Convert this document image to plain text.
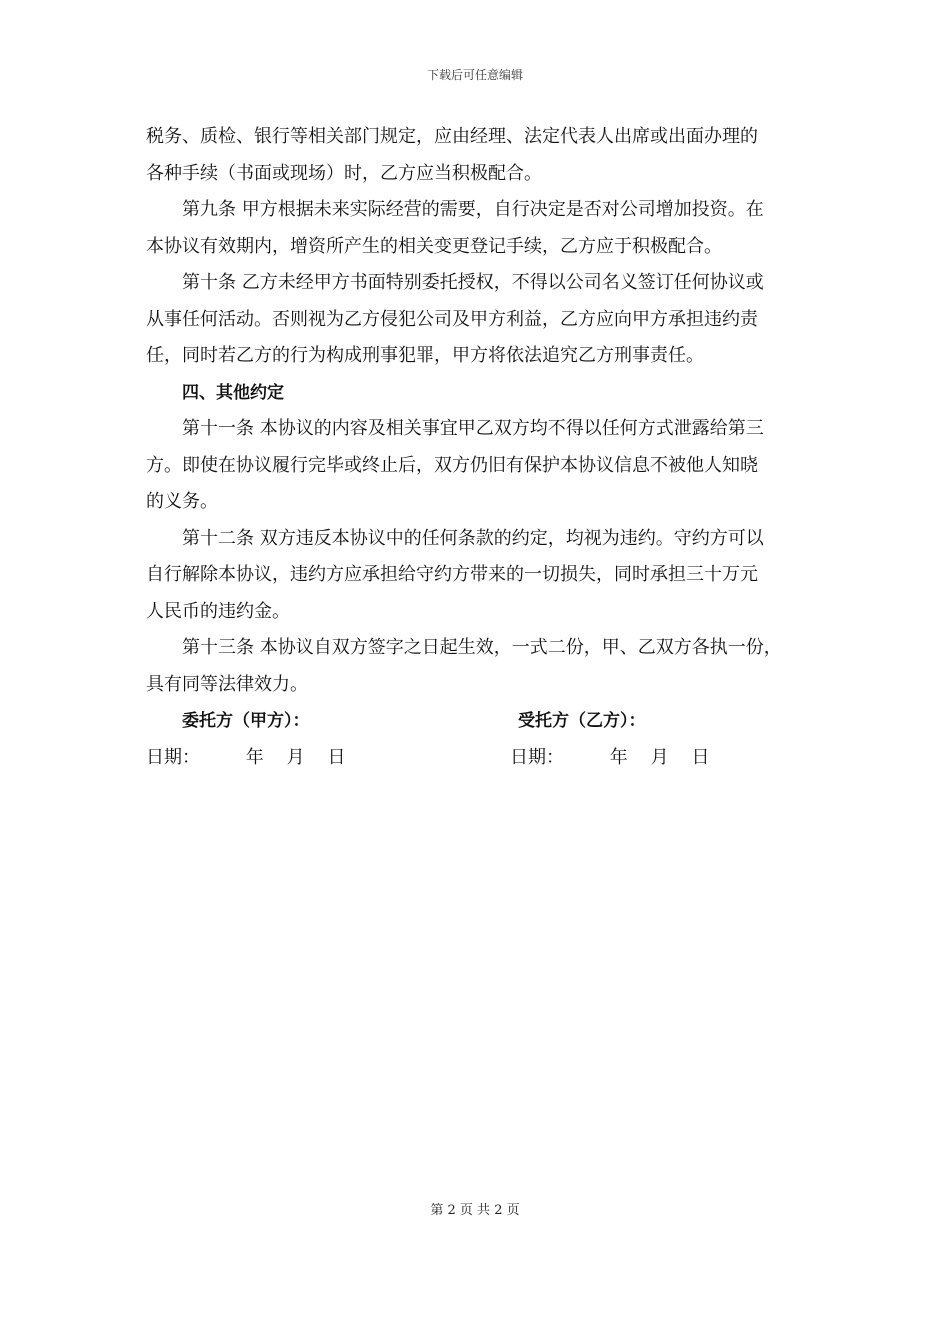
下载后可任意编辑

税务、质检、银行等相关部门规定，应由经理、法定代表人出席或出面办理的

各种手续（书面或现场）时，乙方应当积极配合。

第九条 甲方根据未来实际经营的需要，自行决定是否对公司增加投资。在

本协议有效期内，增资所产生的相关变更登记手续，乙方应于积极配合。

第十条 乙方未经甲方书面特别委托授权，不得以公司名义签订任何协议或

从事任何活动。否则视为乙方侵犯公司及甲方利益，乙方应向甲方承担违约责

任，同时若乙方的行为构成刑事犯罪，甲方将依法追究乙方刑事责任。

四、其他约定

第十一条 本协议的内容及相关事宜甲乙双方均不得以任何方式泄露给第三

方。即使在协议履行完毕或终止后，双方仍旧有保护本协议信息不被他人知晓

的义务。

第十二条 双方违反本协议中的任何条款的约定，均视为违约。守约方可以

自行解除本协议，违约方应承担给守约方带来的一切损失，同时承担三十万元

人民币的违约金。

第十三条 本协议自双方签字之日起生效，一式二份，甲、乙双方各执一份，

具有同等法律效力。

委托方（甲方）：	受托方（乙方）：
日期：        年    月    日	日期：        年    月    日
第 2 页 共 2 页
